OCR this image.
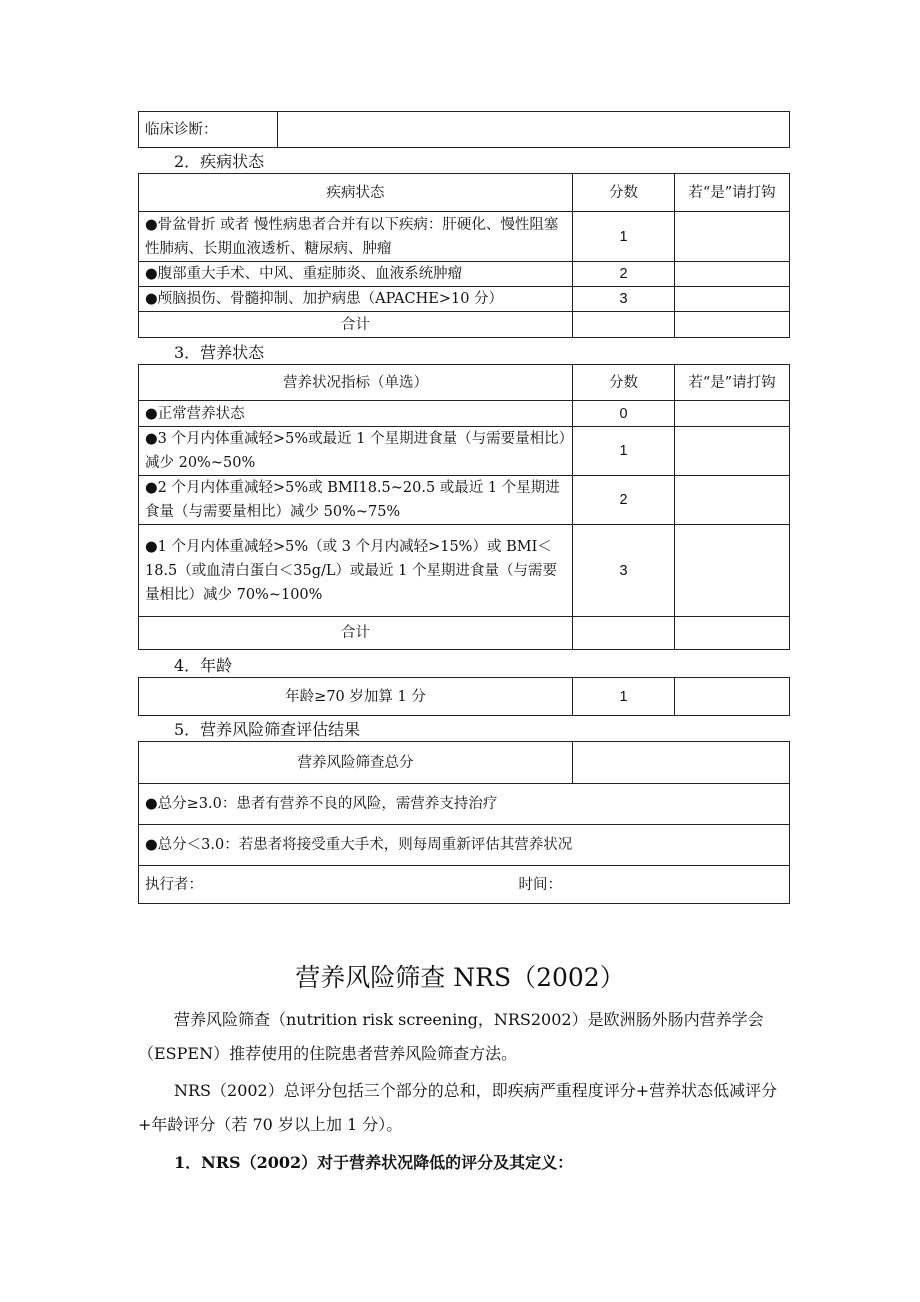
临床诊断：	
2．疾病状态
疾病状态	分数	若“是”请打钩
●骨盆骨折 或者 慢性病患者合并有以下疾病：肝硬化、慢性阻塞性肺病、长期血液透析、糖尿病、肿瘤	1	
●腹部重大手术、中风、重症肺炎、血液系统肿瘤	2	
●颅脑损伤、骨髓抑制、加护病患（APACHE>10 分）	3	
合计		
3．营养状态
营养状况指标（单选）	分数	若“是”请打钩
●正常营养状态	0	
●3 个月内体重减轻>5%或最近 1 个星期进食量（与需要量相比）减少 20%~50%	1	
●2 个月内体重减轻>5%或 BMI18.5~20.5 或最近 1 个星期进食量（与需要量相比）减少 50%~75%	2	
●1 个月内体重减轻>5%（或 3 个月内减轻>15%）或 BMI＜18.5（或血清白蛋白＜35g/L）或最近 1 个星期进食量（与需要量相比）减少 70%~100%	3	
合计		
4．年龄
年龄≥70 岁加算 1 分	1	
5．营养风险筛查评估结果
营养风险筛查总分	
●总分≥3.0：患者有营养不良的风险，需营养支持治疗
●总分＜3.0：若患者将接受重大手术，则每周重新评估其营养状况
执行者：	时间：
营养风险筛查 NRS（2002）
营养风险筛查（nutrition risk screening，NRS2002）是欧洲肠外肠内营养学会（ESPEN）推荐使用的住院患者营养风险筛查方法。
NRS（2002）总评分包括三个部分的总和，即疾病严重程度评分+营养状态低减评分+年龄评分（若 70 岁以上加 1 分）。
1．NRS（2002）对于营养状况降低的评分及其定义：
